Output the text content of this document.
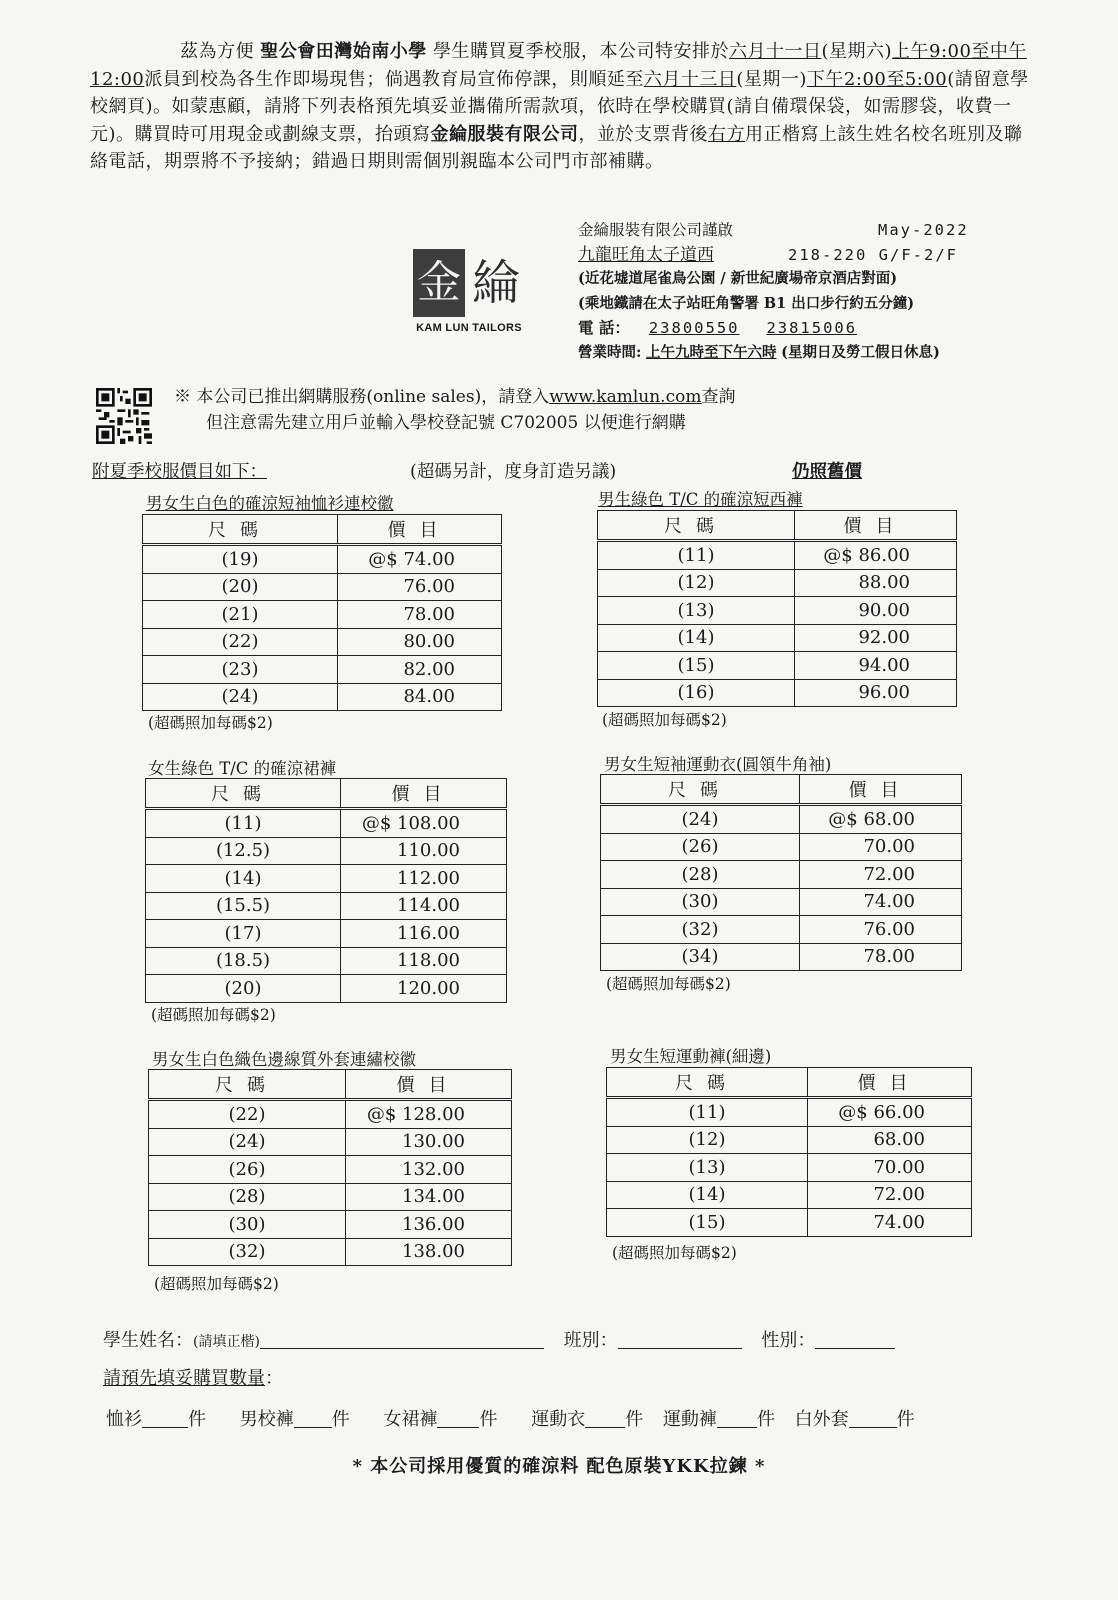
茲為方便 聖公會田灣始南小學 學生購買夏季校服，本公司特安排於六月十一日(星期六)上午9:00至中午12:00派員到校為各生作即場現售；倘遇教育局宣佈停課，則順延至六月十三日(星期一)下午2:00至5:00(請留意學校網頁)。如蒙惠顧，請將下列表格預先填妥並攜備所需款項，依時在學校購買(請自備環保袋，如需膠袋，收費一元)。購買時可用現金或劃線支票，抬頭寫金綸服裝有限公司，並於支票背後右方用正楷寫上該生姓名校名班別及聯絡電話，期票將不予接納；錯過日期則需個別親臨本公司門市部補購。
金 綸
KAM LUN TAILORS
金綸服裝有限公司謹啟	May-2022
九龍旺角太子道西	218-220 G/F-2/F
(近花墟道尾雀鳥公園 / 新世紀廣場帝京酒店對面)
(乘地鐵請在太子站旺角警署 B1 出口步行約五分鐘)
電 話： 23800550 23815006
營業時間: 上午九時至下午六時 (星期日及勞工假日休息)
※ 本公司已推出網購服務(online sales)，請登入www.kamlun.com查詢
但注意需先建立用戶並輸入學校登記號 C702005 以便進行網購
附夏季校服價目如下：	(超碼另計，度身訂造另議)	仍照舊價
男女生白色的確涼短袖恤衫連校徽
尺碼	價目
(19)	@$ 74.00
(20)	76.00
(21)	78.00
(22)	80.00
(23)	82.00
(24)	84.00
(超碼照加每碼$2)
男生綠色 T/C 的確涼短西褲
尺碼	價目
(11)	@$ 86.00
(12)	88.00
(13)	90.00
(14)	92.00
(15)	94.00
(16)	96.00
(超碼照加每碼$2)
女生綠色 T/C 的確涼裙褲
尺碼	價目
(11)	@$ 108.00
(12.5)	110.00
(14)	112.00
(15.5)	114.00
(17)	116.00
(18.5)	118.00
(20)	120.00
(超碼照加每碼$2)
男女生短袖運動衣(圓領牛角袖)
尺碼	價目
(24)	@$ 68.00
(26)	70.00
(28)	72.00
(30)	74.00
(32)	76.00
(34)	78.00
(超碼照加每碼$2)
男女生白色織色邊線質外套連繡校徽
尺碼	價目
(22)	@$ 128.00
(24)	130.00
(26)	132.00
(28)	134.00
(30)	136.00
(32)	138.00
(超碼照加每碼$2)
男女生短運動褲(細邊)
尺碼	價目
(11)	@$ 66.00
(12)	68.00
(13)	70.00
(14)	72.00
(15)	74.00
(超碼照加每碼$2)
學生姓名：(請填正楷)	班別：	性別：
請預先填妥購買數量：
恤衫	件 男校褲 件 女裙褲 件 運動衣 件 運動褲 件 白外套	件
* 本公司採用優質的確涼料 配色原裝YKK拉鍊 *
